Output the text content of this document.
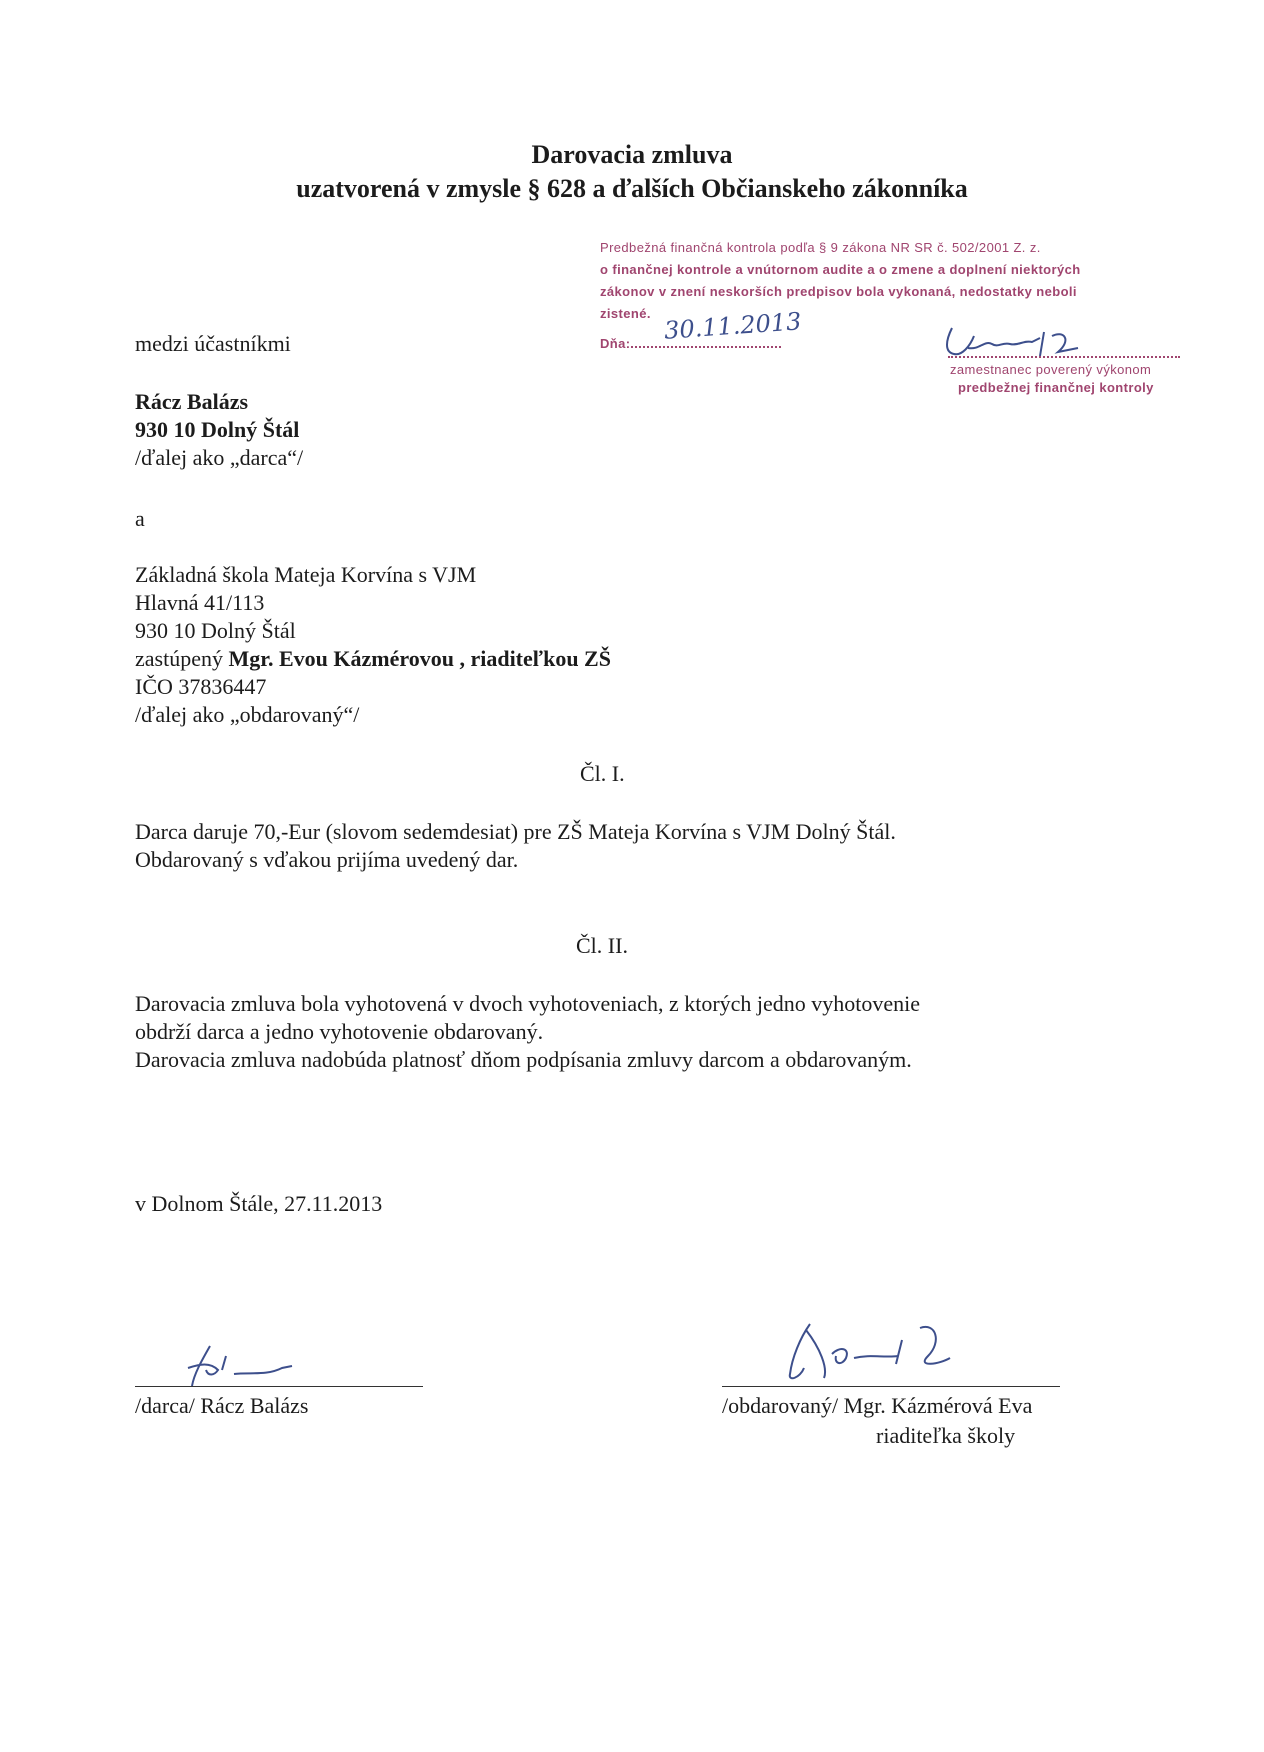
Darovacia zmluva
uzatvorená v zmysle § 628 a ďalších Občianskeho zákonníka
Predbežná finančná kontrola podľa § 9 zákona NR SR č. 502/2001 Z. z.
o finančnej kontrole a vnútornom audite a o zmene a doplnení niektorých
zákonov v znení neskorších predpisov bola vykonaná, nedostatky neboli
zistené.
Dňa:	30.11.2013
zamestnanec poverený výkonom
predbežnej finančnej kontroly
medzi účastníkmi
Rácz Balázs
930 10 Dolný Štál
/ďalej ako „darca“/
a
Základná škola Mateja Korvína s VJM
Hlavná 41/113
930 10 Dolný Štál
zastúpený Mgr. Evou Kázmérovou , riaditeľkou ZŠ
IČO 37836447
/ďalej ako „obdarovaný“/
Čl. I.
Darca daruje 70,-Eur (slovom sedemdesiat) pre ZŠ Mateja Korvína s VJM Dolný Štál.
Obdarovaný s vďakou prijíma uvedený dar.
Čl. II.
Darovacia zmluva bola vyhotovená v dvoch vyhotoveniach, z ktorých jedno vyhotovenie
obdrží darca a jedno vyhotovenie obdarovaný.
Darovacia zmluva nadobúda platnosť dňom podpísania zmluvy darcom a obdarovaným.
v Dolnom Štále, 27.11.2013
/darca/ Rácz Balázs	/obdarovaný/ Mgr. Kázmérová Eva
riaditeľka školy
